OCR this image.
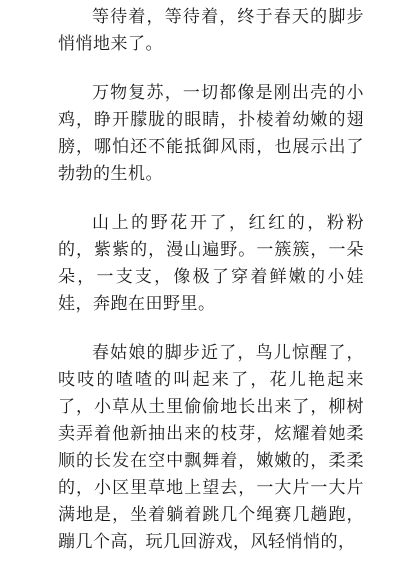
等待着，等待着，终于春天的脚步悄悄地来了。

万物复苏，一切都像是刚出壳的小鸡，睁开朦胧的眼睛，扑棱着幼嫩的翅膀，哪怕还不能抵御风雨，也展示出了勃勃的生机。

山上的野花开了，红红的，粉粉的，紫紫的，漫山遍野。一簇簇，一朵朵，一支支，像极了穿着鲜嫩的小娃娃，奔跑在田野里。

春姑娘的脚步近了，鸟儿惊醒了，吱吱的喳喳的叫起来了，花儿艳起来了，小草从土里偷偷地长出来了，柳树卖弄着他新抽出来的枝芽，炫耀着她柔顺的长发在空中飘舞着，嫩嫩的，柔柔的，小区里草地上望去，一大片一大片满地是，坐着躺着跳几个绳赛几趟跑，蹦几个高，玩几回游戏，风轻悄悄的，
